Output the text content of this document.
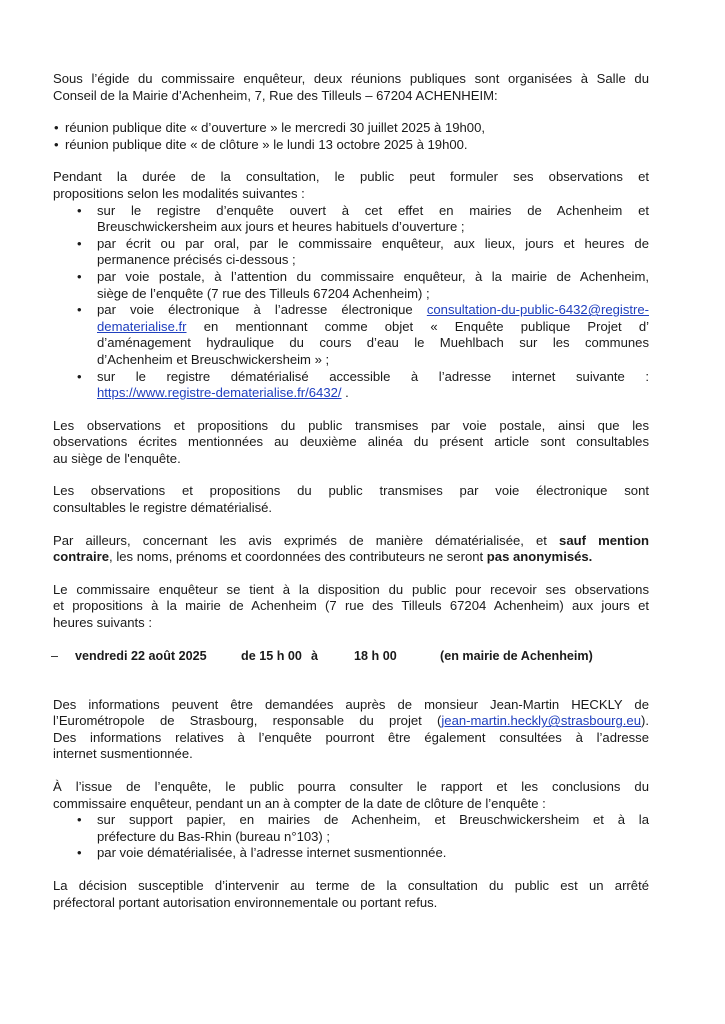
Sous l’égide du commissaire enquêteur, deux réunions publiques sont organisées à Salle du
Conseil de la Mairie d’Achenheim, 7, Rue des Tilleuls – 67204 ACHENHEIM:

• réunion publique dite « d’ouverture » le mercredi 30 juillet 2025 à 19h00,
• réunion publique dite « de clôture » le lundi 13 octobre 2025 à 19h00.

Pendant la durée de la consultation, le public peut formuler ses observations et
propositions selon les modalités suivantes :

• sur le registre d’enquête ouvert à cet effet en mairies de Achenheim et
Breuschwickersheim aux jours et heures habituels d’ouverture ;
• par écrit ou par oral, par le commissaire enquêteur, aux lieux, jours et heures de
permanence précisés ci-dessous ;
• par voie postale, à l’attention du commissaire enquêteur, à la mairie de Achenheim,
siège de l’enquête (7 rue des Tilleuls 67204 Achenheim) ;
• par voie électronique à l’adresse électronique consultation-du-public-6432@registre-
dematerialise.fr en mentionnant comme objet « Enquête publique Projet d’
d’aménagement hydraulique du cours d’eau le Muehlbach sur les communes
d’Achenheim et Breuschwickersheim » ;
• sur le registre dématérialisé accessible à l’adresse internet suivante :
https://www.registre-dematerialise.fr/6432/ .

Les observations et propositions du public transmises par voie postale, ainsi que les
observations écrites mentionnées au deuxième alinéa du présent article sont consultables
au siège de l'enquête.

Les observations et propositions du public transmises par voie électronique sont
consultables le registre dématérialisé.

Par ailleurs, concernant les avis exprimés de manière dématérialisée, et sauf mention
contraire, les noms, prénoms et coordonnées des contributeurs ne seront pas anonymisés.

Le commissaire enquêteur se tient à la disposition du public pour recevoir ses observations
et propositions à la mairie de Achenheim (7 rue des Tilleuls 67204 Achenheim) aux jours et
heures suivants :

– vendredi 22 août 2025	de 15 h 00 à	18 h 00	(en mairie de Achenheim)

Des informations peuvent être demandées auprès de monsieur Jean-Martin HECKLY de
l’Eurométropole de Strasbourg, responsable du projet (jean-martin.heckly@strasbourg.eu).
Des informations relatives à l’enquête pourront être également consultées à l’adresse
internet susmentionnée.

À l’issue de l’enquête, le public pourra consulter le rapport et les conclusions du
commissaire enquêteur, pendant un an à compter de la date de clôture de l’enquête :

• sur support papier, en mairies de Achenheim, et Breuschwickersheim et à la
préfecture du Bas-Rhin (bureau n°103) ;
• par voie dématérialisée, à l’adresse internet susmentionnée.

La décision susceptible d’intervenir au terme de la consultation du public est un arrêté
préfectoral portant autorisation environnementale ou portant refus.
